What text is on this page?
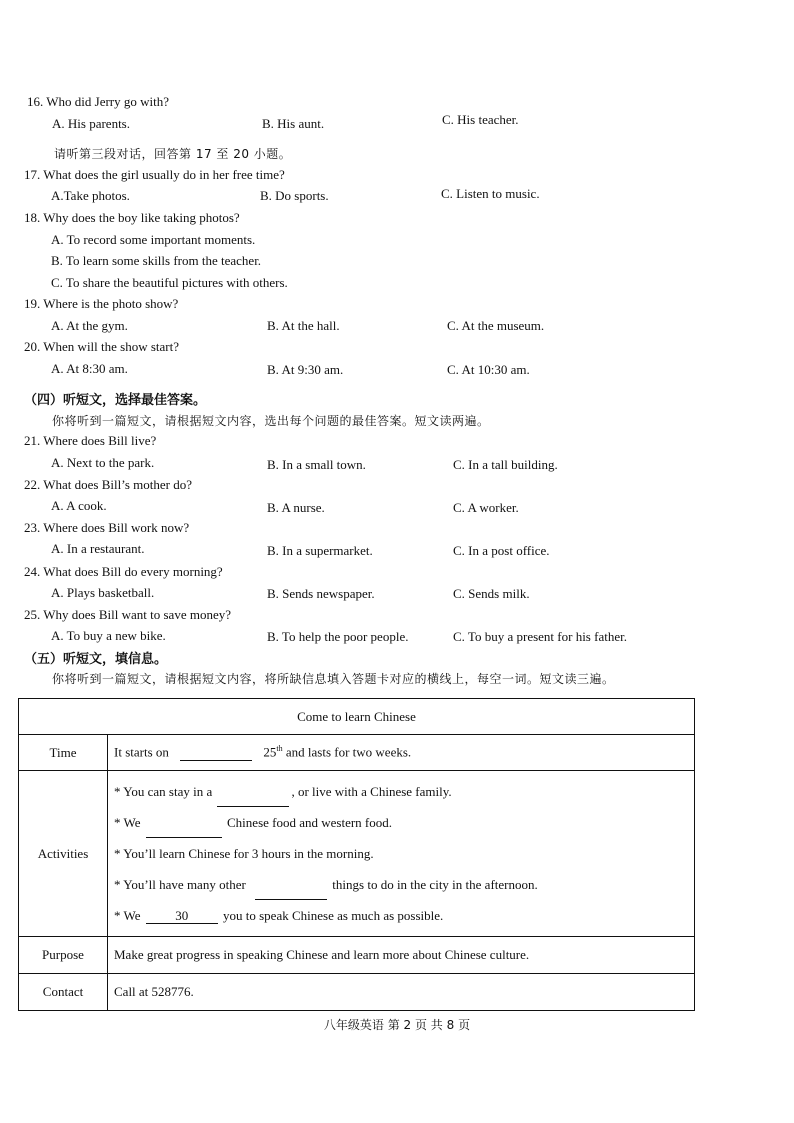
16. Who did Jerry go with?
A. His parents.	B. His aunt.	C. His teacher.
请听第三段对话，回答第 17 至 20 小题。
17. What does the girl usually do in her free time?
A.Take photos.	B. Do sports.	C. Listen to music.
18. Why does the boy like taking photos?
A. To record some important moments.
B. To learn some skills from the teacher.
C. To share the beautiful pictures with others.
19. Where is the photo show?
A. At the gym.	B. At the hall.	C. At the museum.
20. When will the show start?
A. At 8:30 am.	B. At 9:30 am.	C. At 10:30 am.
（四）听短文，选择最佳答案。
你将听到一篇短文，请根据短文内容，选出每个问题的最佳答案。短文读两遍。
21. Where does Bill live?
A. Next to the park.	B. In a small town.	C. In a tall building.
22. What does Bill’s mother do?
A. A cook.	B. A nurse.	C. A worker.
23. Where does Bill work now?
A. In a restaurant.	B. In a supermarket.	C. In a post office.
24. What does Bill do every morning?
A. Plays basketball.	B. Sends newspaper.	C. Sends milk.
25. Why does Bill want to save money?
A. To buy a new bike.	B. To help the poor people.	C. To buy a present for his father.
（五）听短文，填信息。
你将听到一篇短文，请根据短文内容，将所缺信息填入答题卡对应的横线上，每空一词。短文读三遍。
Come to learn Chinese	
Time	It starts on 25th and lasts for two weeks.
Activities	* You can stay in a , or live with a Chinese family.
* We Chinese food and western food.
* You’ll learn Chinese for 3 hours in the morning.
* You’ll have many other things to do in the city in the afternoon.
* We 30 you to speak Chinese as much as possible.

Purpose	Make great progress in speaking Chinese and learn more about Chinese culture.
Contact	Call at 528776.
八年级英语 第 2 页 共 8 页
